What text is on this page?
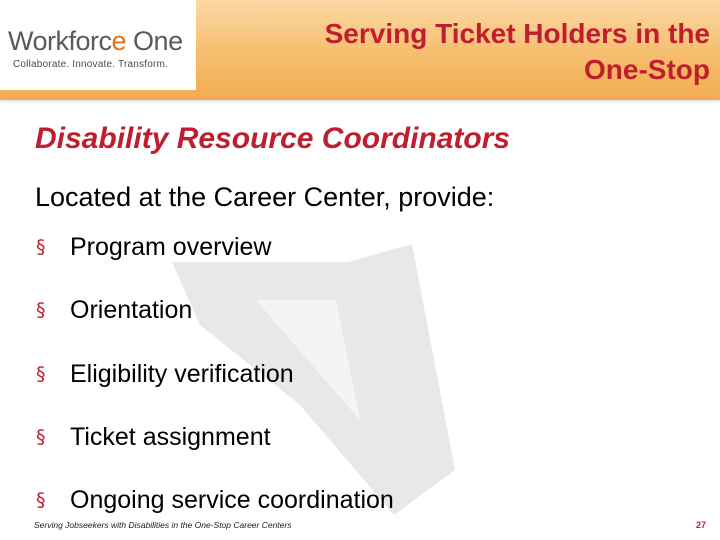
Workforce One
Collaborate. Innovate. Transform.
Serving Ticket Holders in the
One-Stop
Disability Resource Coordinators
Located at the Career Center, provide:
§ Program overview
§ Orientation
§ Eligibility verification
§ Ticket assignment
§ Ongoing service coordination
Serving Jobseekers with Disabilities in the One-Stop Career Centers	27
